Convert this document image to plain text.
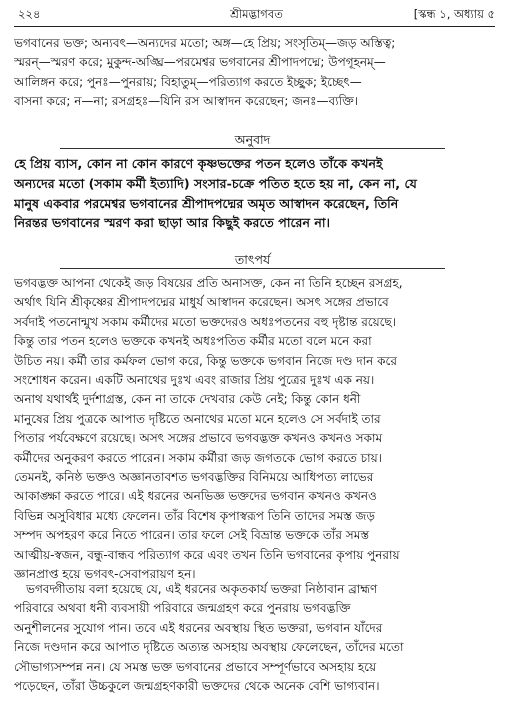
২২৪	শ্রীমদ্ভাগবত	[স্কন্ধ ১, অধ্যায় ৫
ভগবানের ভক্ত; অন্যবৎ—অন্যদের মতো; অঙ্গ—হে প্রিয়; সংসৃতিম্—জড় অস্তিত্ব;
স্মরন্—স্মরণ করে; মুকুন্দ-অঙ্ঘ্রি—পরমেশ্বর ভগবানের শ্রীপাদপদ্মে; উপগূহনম্—
আলিঙ্গন করে; পুনঃ—পুনরায়; বিহাতুম্—পরিত্যাগ করতে ইচ্ছুক; ইচ্ছেৎ—
বাসনা করে; ন—না; রসগ্রহঃ—যিনি রস আস্বাদন করেছেন; জনঃ—ব্যক্তি।
অনুবাদ
হে প্রিয় ব্যাস, কোন না কোন কারণে কৃষ্ণভক্তের পতন হলেও তাঁকে কখনই
অন্যদের মতো (সকাম কর্মী ইত্যাদি) সংসার-চক্রে পতিত হতে হয় না, কেন না, যে
মানুষ একবার পরমেশ্বর ভগবানের শ্রীপাদপদ্মের অমৃত আস্বাদন করেছেন, তিনি
নিরন্তর ভগবানের স্মরণ করা ছাড়া আর কিছুই করতে পারেন না।
তাৎপর্য
ভগবদ্ভক্ত আপনা থেকেই জড় বিষয়ের প্রতি অনাসক্ত, কেন না তিনি হচ্ছেন রসগ্রহ,
অর্থাৎ যিনি শ্রীকৃষ্ণের শ্রীপাদপদ্মের মাধুর্য আস্বাদন করেছেন। অসৎ সঙ্গের প্রভাবে
সর্বদাই পতনোন্মুখ সকাম কর্মীদের মতো ভক্তদেরও অধঃপতনের বহু দৃষ্টান্ত রয়েছে।
কিন্তু তার পতন হলেও ভক্তকে কখনই অধঃপতিত কর্মীর মতো বলে মনে করা
উচিত নয়। কর্মী তার কর্মফল ভোগ করে, কিন্তু ভক্তকে ভগবান নিজে দণ্ড দান করে
সংশোধন করেন। একটি অনাথের দুঃখ এবং রাজার প্রিয় পুত্রের দুঃখ এক নয়।
অনাথ যথার্থই দুর্দশাগ্রস্ত, কেন না তাকে দেখবার কেউ নেই; কিন্তু কোন ধনী
মানুষের প্রিয় পুত্রকে আপাত দৃষ্টিতে অনাথের মতো মনে হলেও সে সর্বদাই তার
পিতার পর্যবেক্ষণে রয়েছে। অসৎ সঙ্গের প্রভাবে ভগবদ্ভক্ত কখনও কখনও সকাম
কর্মীদের অনুকরণ করতে পারেন। সকাম কর্মীরা জড় জগতকে ভোগ করতে চায়।
তেমনই, কনিষ্ঠ ভক্তও অজ্ঞানতাবশত ভগবদ্ভক্তির বিনিময়ে আধিপত্য লাভের
আকাঙ্ক্ষা করতে পারে। এই ধরনের অনভিজ্ঞ ভক্তদের ভগবান কখনও কখনও
বিভিন্ন অসুবিধার মধ্যে ফেলেন। তাঁর বিশেষ কৃপাস্বরূপ তিনি তাদের সমস্ত জড়
সম্পদ অপহরণ করে নিতে পারেন। তার ফলে সেই বিভ্রান্ত ভক্তকে তাঁর সমস্ত
আত্মীয়-স্বজন, বন্ধু-বান্ধব পরিত্যাগ করে এবং তখন তিনি ভগবানের কৃপায় পুনরায়
জ্ঞানপ্রাপ্ত হয়ে ভগবৎ-সেবাপরায়ণ হন।
ভগবদ্গীতায় বলা হয়েছে যে, এই ধরনের অকৃতকার্য ভক্তরা নিষ্ঠাবান ব্রাহ্মণ
পরিবারে অথবা ধনী ব্যবসায়ী পরিবারে জন্মগ্রহণ করে পুনরায় ভগবদ্ভক্তি
অনুশীলনের সুযোগ পান। তবে এই ধরনের অবস্থায় স্থিত ভক্তরা, ভগবান যাঁদের
নিজে দণ্ডদান করে আপাত দৃষ্টিতে অত্যন্ত অসহায় অবস্থায় ফেলেছেন, তাঁদের মতো
সৌভাগ্যসম্পন্ন নন। যে সমস্ত ভক্ত ভগবানের প্রভাবে সম্পূর্ণভাবে অসহায় হয়ে
পড়েছেন, তাঁরা উচ্চকুলে জন্মগ্রহণকারী ভক্তদের থেকে অনেক বেশি ভাগ্যবান।
